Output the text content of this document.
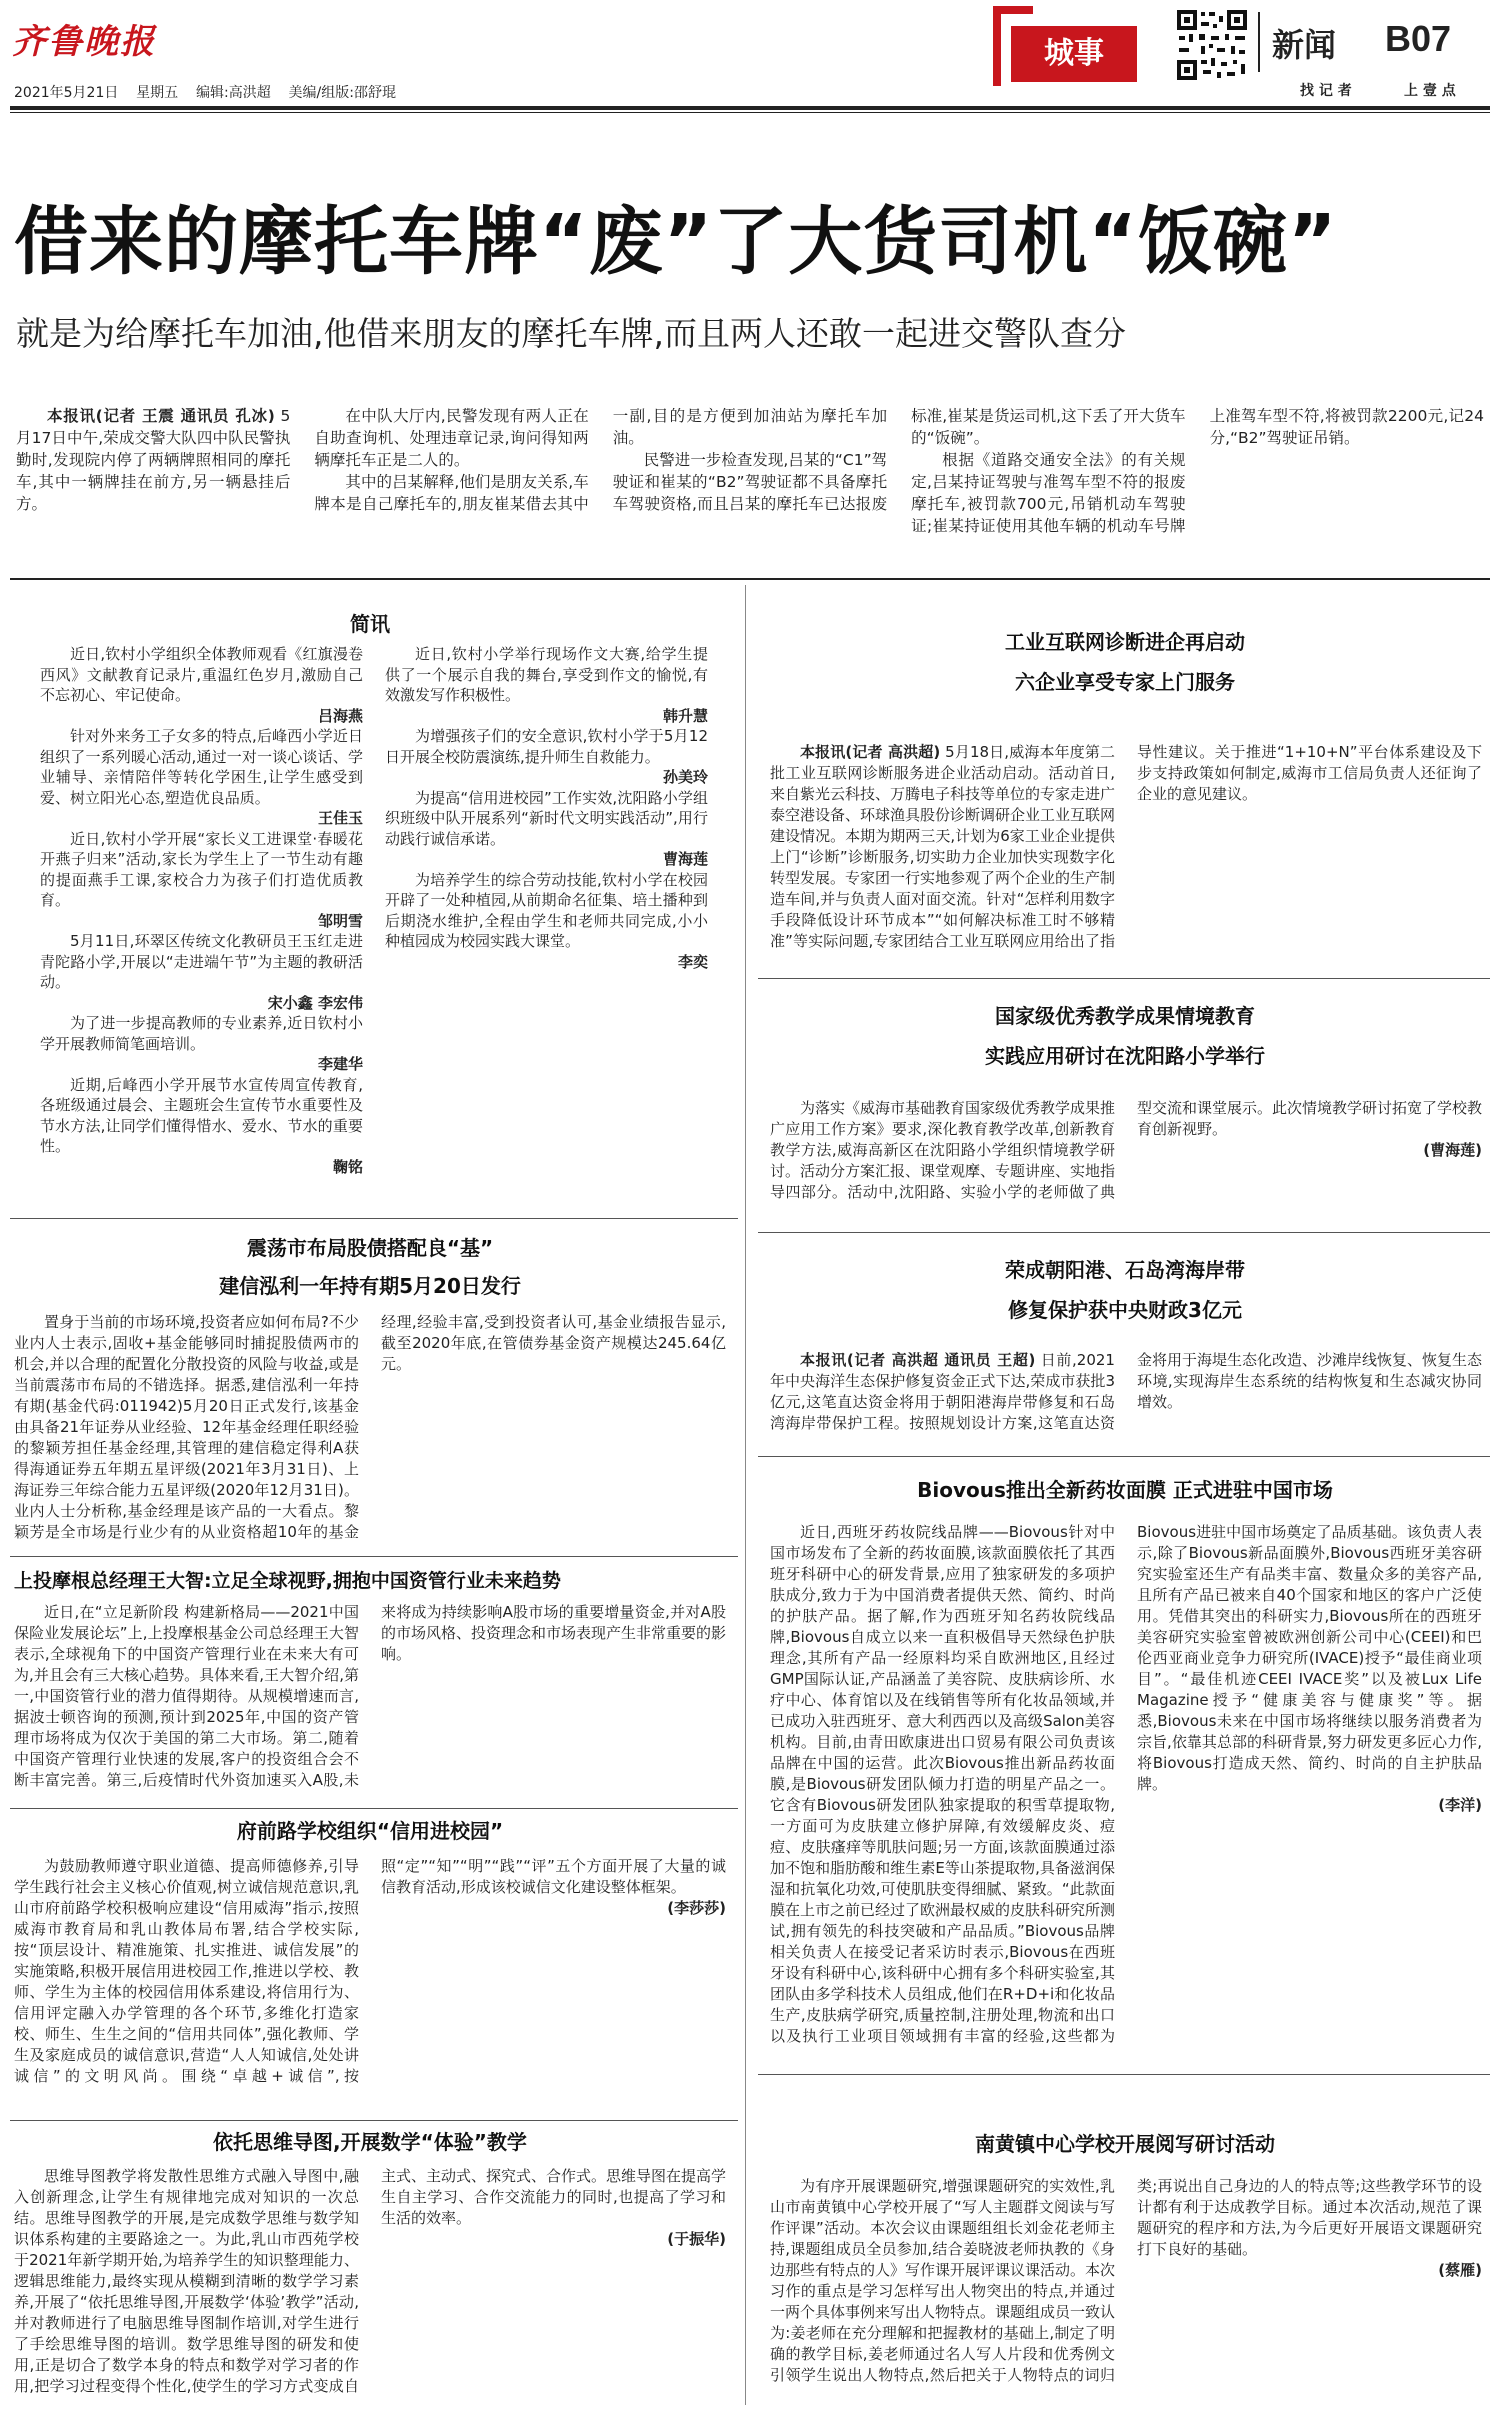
齐鲁晚报
2021年5月21日 星期五 编辑:高洪超 美编/组版:邵舒琨
城事	新闻 B07
找 记 者	上 壹 点
借来的摩托车牌“废”了大货司机“饭碗”
就是为给摩托车加油,他借来朋友的摩托车牌,而且两人还敢一起进交警队查分

本报讯(记者 王震 通讯员 孔冰) 5月17日中午,荣成交警大队四中队民警执勤时,发现院内停了两辆牌照相同的摩托车,其中一辆牌挂在前方,另一辆悬挂后方。

在中队大厅内,民警发现有两人正在自助查询机、处理违章记录,询问得知两辆摩托车正是二人的。

其中的吕某解释,他们是朋友关系,车牌本是自己摩托车的,朋友崔某借去其中一副,目的是方便到加油站为摩托车加油。

民警进一步检查发现,吕某的“C1”驾驶证和崔某的“B2”驾驶证都不具备摩托车驾驶资格,而且吕某的摩托车已达报废标准,崔某是货运司机,这下丢了开大货车的“饭碗”。

根据《道路交通安全法》的有关规定,吕某持证驾驶与准驾车型不符的报废摩托车,被罚款700元,吊销机动车驾驶证;崔某持证使用其他车辆的机动车号牌上准驾车型不符,将被罚款2200元,记24分,“B2”驾驶证吊销。

简讯

近日,钦村小学组织全体教师观看《红旗漫卷西风》文献教育记录片,重温红色岁月,激励自己不忘初心、牢记使命。

吕海燕

针对外来务工子女多的特点,后峰西小学近日组织了一系列暖心活动,通过一对一谈心谈话、学业辅导、亲情陪伴等转化学困生,让学生感受到爱、树立阳光心态,塑造优良品质。

王佳玉

近日,钦村小学开展“家长义工进课堂·春暖花开燕子归来”活动,家长为学生上了一节生动有趣的提面燕手工课,家校合力为孩子们打造优质教育。

邹明雪

5月11日,环翠区传统文化教研员王玉红走进青陀路小学,开展以“走进端午节”为主题的教研活动。

宋小鑫 李宏伟

为了进一步提高教师的专业素养,近日钦村小学开展教师简笔画培训。

李建华

近期,后峰西小学开展节水宣传周宣传教育,各班级通过晨会、主题班会生宣传节水重要性及节水方法,让同学们懂得惜水、爱水、节水的重要性。

鞠铭

近日,钦村小学举行现场作文大赛,给学生提供了一个展示自我的舞台,享受到作文的愉悦,有效激发写作积极性。

韩升慧

为增强孩子们的安全意识,钦村小学于5月12日开展全校防震演练,提升师生自救能力。

孙美玲

为提高“信用进校园”工作实效,沈阳路小学组织班级中队开展系列“新时代文明实践活动”,用行动践行诚信承诺。

曹海莲

为培养学生的综合劳动技能,钦村小学在校园开辟了一处种植园,从前期命名征集、培土播种到后期浇水维护,全程由学生和老师共同完成,小小种植园成为校园实践大课堂。

李奕
震荡市布局股债搭配良“基”
建信泓利一年持有期5月20日发行

置身于当前的市场环境,投资者应如何布局?不少业内人士表示,固收+基金能够同时捕捉股债两市的机会,并以合理的配置化分散投资的风险与收益,或是当前震荡市布局的不错选择。据悉,建信泓利一年持有期(基金代码:011942)5月20日正式发行,该基金由具备21年证券从业经验、12年基金经理任职经验的黎颖芳担任基金经理,其管理的建信稳定得利A获得海通证券五年期五星评级(2021年3月31日)、上海证券三年综合能力五星评级(2020年12月31日)。业内人士分析称,基金经理是该产品的一大看点。黎颖芳是全市场是行业少有的从业资格超10年的基金经理,经验丰富,受到投资者认可,基金业绩报告显示,截至2020年底,在管债券基金资产规模达245.64亿元。

上投摩根总经理王大智:立足全球视野,拥抱中国资管行业未来趋势

近日,在“立足新阶段 构建新格局——2021中国保险业发展论坛”上,上投摩根基金公司总经理王大智表示,全球视角下的中国资产管理行业在未来大有可为,并且会有三大核心趋势。具体来看,王大智介绍,第一,中国资管行业的潜力值得期待。从规模增速而言,据波士顿咨询的预测,预计到2025年,中国的资产管理市场将成为仅次于美国的第二大市场。第二,随着中国资产管理行业快速的发展,客户的投资组合会不断丰富完善。第三,后疫情时代外资加速买入A股,未来将成为持续影响A股市场的重要增量资金,并对A股的市场风格、投资理念和市场表现产生非常重要的影响。

府前路学校组织“信用进校园”

为鼓励教师遵守职业道德、提高师德修养,引导学生践行社会主义核心价值观,树立诚信规范意识,乳山市府前路学校积极响应建设“信用威海”指示,按照威海市教育局和乳山教体局布署,结合学校实际,按“顶层设计、精准施策、扎实推进、诚信发展”的实施策略,积极开展信用进校园工作,推进以学校、教师、学生为主体的校园信用体系建设,将信用行为、信用评定融入办学管理的各个环节,多维化打造家校、师生、生生之间的“信用共同体”,强化教师、学生及家庭成员的诚信意识,营造“人人知诚信,处处讲诚信”的文明风尚。围绕“卓越+诚信”,按照“定”“知”“明”“践”“评”五个方面开展了大量的诚信教育活动,形成该校诚信文化建设整体框架。

(李莎莎)
依托思维导图,开展数学“体验”教学

思维导图教学将发散性思维方式融入导图中,融入创新理念,让学生有规律地完成对知识的一次总结。思维导图教学的开展,是完成数学思维与数学知识体系构建的主要路途之一。为此,乳山市西苑学校于2021年新学期开始,为培养学生的知识整理能力、逻辑思维能力,最终实现从模糊到清晰的数学学习素养,开展了“依托思维导图,开展数学‘体验’教学”活动,并对教师进行了电脑思维导图制作培训,对学生进行了手绘思维导图的培训。数学思维导图的研发和使用,正是切合了数学本身的特点和数学对学习者的作用,把学习过程变得个性化,使学生的学习方式变成自主式、主动式、探究式、合作式。思维导图在提高学生自主学习、合作交流能力的同时,也提高了学习和生活的效率。

(于振华)
工业互联网诊断进企再启动
六企业享受专家上门服务

本报讯(记者 高洪超) 5月18日,威海本年度第二批工业互联网诊断服务进企业活动启动。活动首日,来自紫光云科技、万腾电子科技等单位的专家走进广泰空港设备、环球渔具股份诊断调研企业工业互联网建设情况。本期为期两三天,计划为6家工业企业提供上门“诊断”诊断服务,切实助力企业加快实现数字化转型发展。专家团一行实地参观了两个企业的生产制造车间,并与负责人面对面交流。针对“怎样利用数字手段降低设计环节成本”“如何解决标准工时不够精准”等实际问题,专家团结合工业互联网应用给出了指导性建议。关于推进“1+10+N”平台体系建设及下步支持政策如何制定,威海市工信局负责人还征询了企业的意见建议。

国家级优秀教学成果情境教育
实践应用研讨在沈阳路小学举行

为落实《威海市基础教育国家级优秀教学成果推广应用工作方案》要求,深化教育教学改革,创新教育教学方法,威海高新区在沈阳路小学组织情境教学研讨。活动分方案汇报、课堂观摩、专题讲座、实地指导四部分。活动中,沈阳路、实验小学的老师做了典型交流和课堂展示。此次情境教学研讨拓宽了学校教育创新视野。

(曹海莲)
荣成朝阳港、石岛湾海岸带
修复保护获中央财政3亿元

本报讯(记者 高洪超 通讯员 王超) 日前,2021年中央海洋生态保护修复资金正式下达,荣成市获批3亿元,这笔直达资金将用于朝阳港海岸带修复和石岛湾海岸带保护工程。按照规划设计方案,这笔直达资金将用于海堤生态化改造、沙滩岸线恢复、恢复生态环境,实现海岸生态系统的结构恢复和生态减灾协同增效。

Biovous推出全新药妆面膜 正式进驻中国市场

近日,西班牙药妆院线品牌——Biovous针对中国市场发布了全新的药妆面膜,该款面膜依托了其西班牙科研中心的研发背景,应用了独家研发的多项护肤成分,致力于为中国消费者提供天然、简约、时尚的护肤产品。据了解,作为西班牙知名药妆院线品牌,Biovous自成立以来一直积极倡导天然绿色护肤理念,其所有产品一经原料均采自欧洲地区,且经过GMP国际认证,产品涵盖了美容院、皮肤病诊所、水疗中心、体育馆以及在线销售等所有化妆品领域,并已成功入驻西班牙、意大利西西以及高级Salon美容机构。目前,由青田欧康进出口贸易有限公司负责该品牌在中国的运营。此次Biovous推出新品药妆面膜,是Biovous研发团队倾力打造的明星产品之一。它含有Biovous研发团队独家提取的积雪草提取物,一方面可为皮肤建立修护屏障,有效缓解皮炎、痘痘、皮肤瘙痒等肌肤问题;另一方面,该款面膜通过添加不饱和脂肪酸和维生素E等山茶提取物,具备滋润保湿和抗氧化功效,可使肌肤变得细腻、紧致。“此款面膜在上市之前已经过了欧洲最权威的皮肤科研究所测试,拥有领先的科技突破和产品品质。”Biovous品牌相关负责人在接受记者采访时表示,Biovous在西班牙设有科研中心,该科研中心拥有多个科研实验室,其团队由多学科技术人员组成,他们在R+D+i和化妆品生产,皮肤病学研究,质量控制,注册处理,物流和出口以及执行工业项目领域拥有丰富的经验,这些都为Biovous进驻中国市场奠定了品质基础。该负责人表示,除了Biovous新品面膜外,Biovous西班牙美容研究实验室还生产有品类丰富、数量众多的美容产品,且所有产品已被来自40个国家和地区的客户广泛使用。凭借其突出的科研实力,Biovous所在的西班牙美容研究实验室曾被欧洲创新公司中心(CEEI)和巴伦西亚商业竞争力研究所(IVACE)授予“最佳商业项目”。“最佳机迹CEEI IVACE奖”以及被Lux Life Magazine授予“健康美容与健康奖”等。据悉,Biovous未来在中国市场将继续以服务消费者为宗旨,依靠其总部的科研背景,努力研发更多匠心力作,将Biovous打造成天然、简约、时尚的自主护肤品牌。

(李洋)
南黄镇中心学校开展阅写研讨活动

为有序开展课题研究,增强课题研究的实效性,乳山市南黄镇中心学校开展了“写人主题群文阅读与写作评课”活动。本次会议由课题组组长刘金花老师主持,课题组成员全员参加,结合姜晓波老师执教的《身边那些有特点的人》写作课开展评课议课活动。本次习作的重点是学习怎样写出人物突出的特点,并通过一两个具体事例来写出人物特点。课题组成员一致认为:姜老师在充分理解和把握教材的基础上,制定了明确的教学目标,姜老师通过名人写人片段和优秀例文引领学生说出人物特点,然后把关于人物特点的词归类;再说出自己身边的人的特点等;这些教学环节的设计都有利于达成教学目标。通过本次活动,规范了课题研究的程序和方法,为今后更好开展语文课题研究打下良好的基础。

(蔡雁)
